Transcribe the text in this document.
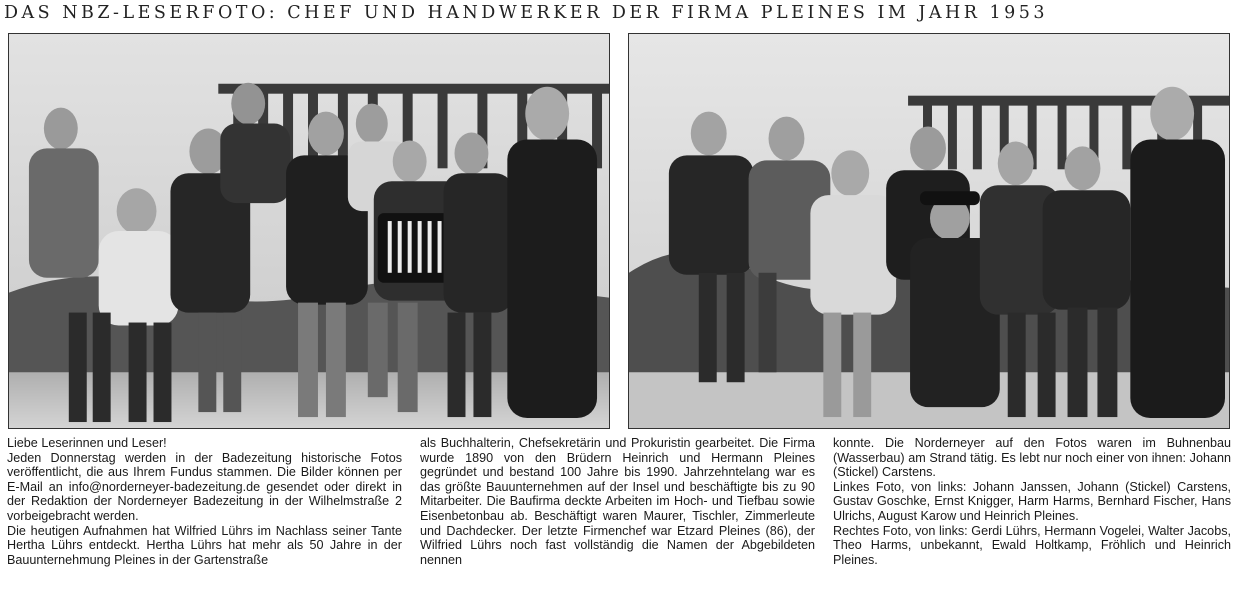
DAS NBZ-LESERFOTO: CHEF UND HANDWERKER DER FIRMA PLEINES IM JAHR 1953

Liebe Leserinnen und Leser!

Jeden Donnerstag werden in der Badezeitung historische Fotos veröffentlicht, die aus Ihrem Fundus stammen. Die Bilder können per E-Mail an info@norderneyer-badezeitung.de gesendet oder direkt in der Redaktion der Norderneyer Badezeitung in der Wilhelmstraße 2 vorbeigebracht werden.

Die heutigen Aufnahmen hat Wilfried Lührs im Nachlass seiner Tante Hertha Lührs entdeckt. Hertha Lührs hat mehr als 50 Jahre in der Bauunternehmung Pleines in der Gartenstraße

als Buchhalterin, Chefsekretärin und Prokuristin gearbeitet. Die Firma wurde 1890 von den Brüdern Heinrich und Hermann Pleines gegründet und bestand 100 Jahre bis 1990. Jahrzehntelang war es das größte Bauunternehmen auf der Insel und beschäftigte bis zu 90 Mitarbeiter. Die Baufirma deckte Arbeiten im Hoch- und Tiefbau sowie Eisenbetonbau ab. Beschäftigt waren Maurer, Tischler, Zimmerleute und Dachdecker. Der letzte Firmenchef war Etzard Pleines (86), der Wilfried Lührs noch fast vollständig die Namen der Abgebildeten nennen

konnte. Die Norderneyer auf den Fotos waren im Buhnenbau (Wasserbau) am Strand tätig. Es lebt nur noch einer von ihnen: Johann (Stickel) Carstens.

Linkes Foto, von links: Johann Janssen, Johann (Stickel) Carstens, Gustav Goschke, Ernst Knigger, Harm Harms, Bernhard Fischer, Hans Ulrichs, August Karow und Heinrich Pleines.

Rechtes Foto, von links: Gerdi Lührs, Hermann Vogelei, Walter Jacobs, Theo Harms, unbekannt, Ewald Holtkamp, Fröhlich und Heinrich Pleines.
